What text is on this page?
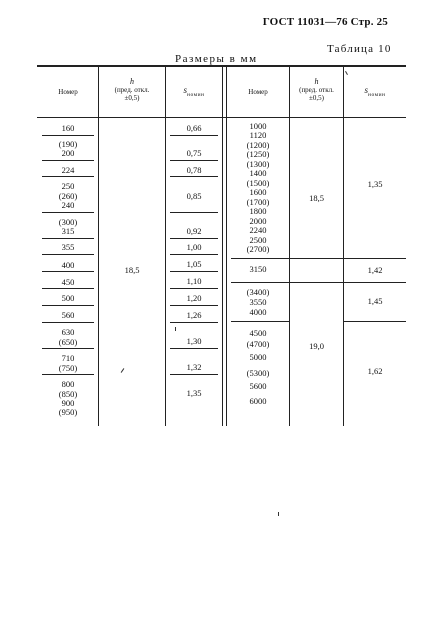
ГОСТ 11031—76 Стр. 25
Таблица 10
Размеры в мм
Номер
h
(пред. откл.
±0,5)
$s_{номин}$	Номер
h
(пред. откл.
±0,5)
$s_{номин}$
160
(190)
200
224
250
(260)
240
(300)
315
355
400
450
500
560
630
(650)
710
(750)
800
(850)
900
(950)
18,5
0,66
0,75
0,78
0,85
0,92
1,00
1,05
1,10
1,20
1,26
1,30
1,32
1,35
1000
1120
(1200)
(1250)
(1300)
1400
(1500)
1600
(1700)
1800
2000
2240
2500
(2700)
3150
(3400)
3550
4000
4500
(4700)
5000
(5300)
5600
6000
18,5
19,0
1,35
1,42
1,45
1,62
